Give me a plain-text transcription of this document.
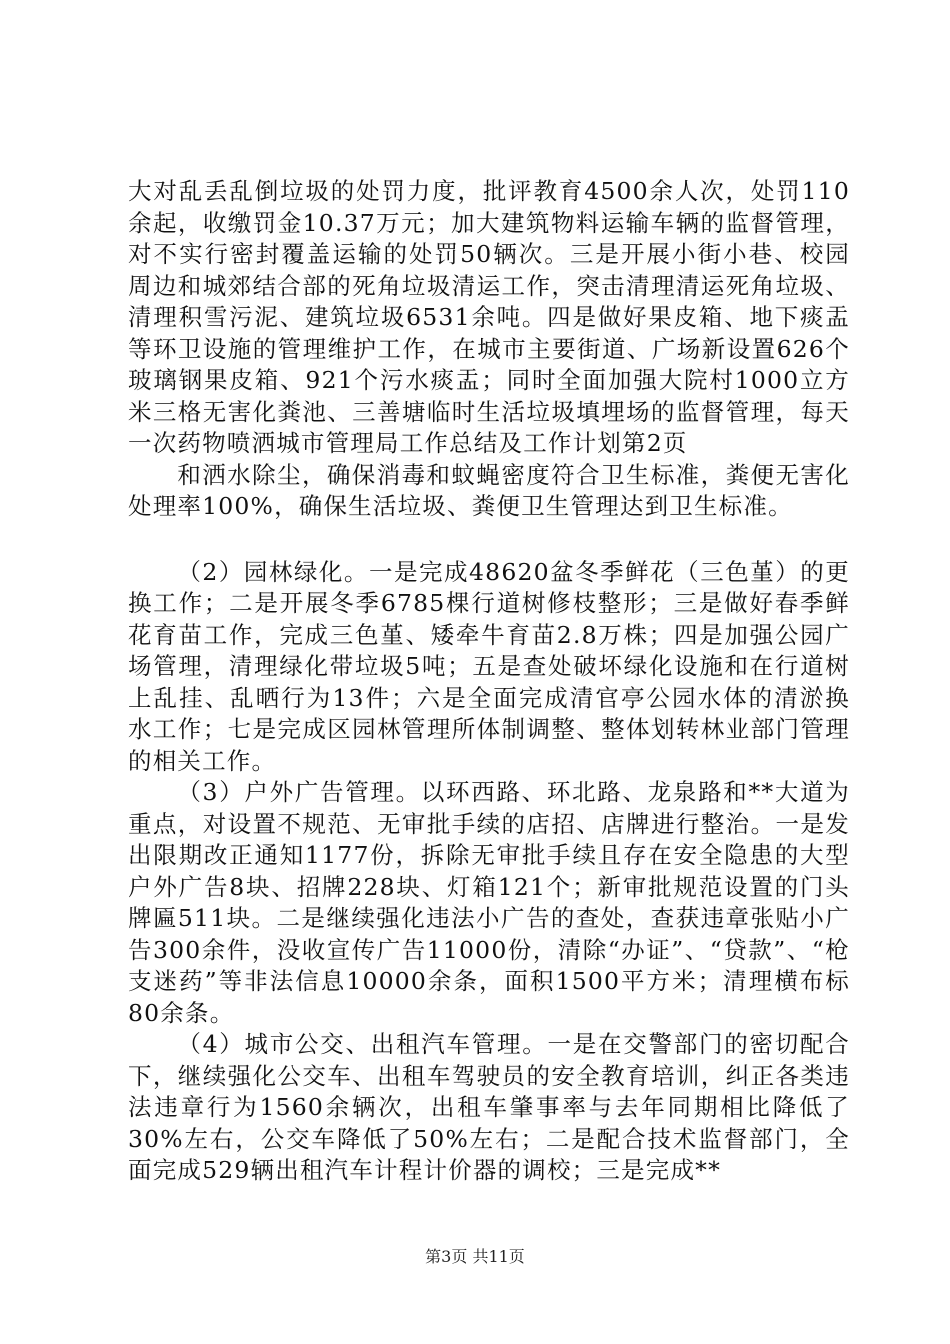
大对乱丢乱倒垃圾的处罚力度，批评教育4500余人次，处罚110余起，收缴罚金10.37万元；加大建筑物料运输车辆的监督管理，对不实行密封覆盖运输的处罚50辆次。三是开展小街小巷、校园周边和城郊结合部的死角垃圾清运工作，突击清理清运死角垃圾、清理积雪污泥、建筑垃圾6531余吨。四是做好果皮箱、地下痰盂等环卫设施的管理维护工作，在城市主要街道、广场新设置626个玻璃钢果皮箱、921个污水痰盂；同时全面加强大院村1000立方米三格无害化粪池、三善塘临时生活垃圾填埋场的监督管理，每天一次药物喷洒城市管理局工作总结及工作计划第2页

和洒水除尘，确保消毒和蚊蝇密度符合卫生标准，粪便无害化处理率100%，确保生活垃圾、粪便卫生管理达到卫生标准。

（2）园林绿化。一是完成48620盆冬季鲜花（三色堇）的更换工作；二是开展冬季6785棵行道树修枝整形；三是做好春季鲜花育苗工作，完成三色堇、矮牵牛育苗2.8万株；四是加强公园广场管理，清理绿化带垃圾5吨；五是查处破坏绿化设施和在行道树上乱挂、乱晒行为13件；六是全面完成清官亭公园水体的清淤换水工作；七是完成区园林管理所体制调整、整体划转林业部门管理的相关工作。

（3）户外广告管理。以环西路、环北路、龙泉路和**大道为重点，对设置不规范、无审批手续的店招、店牌进行整治。一是发出限期改正通知1177份，拆除无审批手续且存在安全隐患的大型户外广告8块、招牌228块、灯箱121个；新审批规范设置的门头牌匾511块。二是继续强化违法小广告的查处，查获违章张贴小广告300余件，没收宣传广告11000份，清除“办证”、“贷款”、“枪支迷药”等非法信息10000余条，面积1500平方米；清理横布标80余条。

（4）城市公交、出租汽车管理。一是在交警部门的密切配合下，继续强化公交车、出租车驾驶员的安全教育培训，纠正各类违法违章行为1560余辆次，出租车肇事率与去年同期相比降低了30%左右，公交车降低了50%左右；二是配合技术监督部门，全面完成529辆出租汽车计程计价器的调校；三是完成**

第3页 共11页
